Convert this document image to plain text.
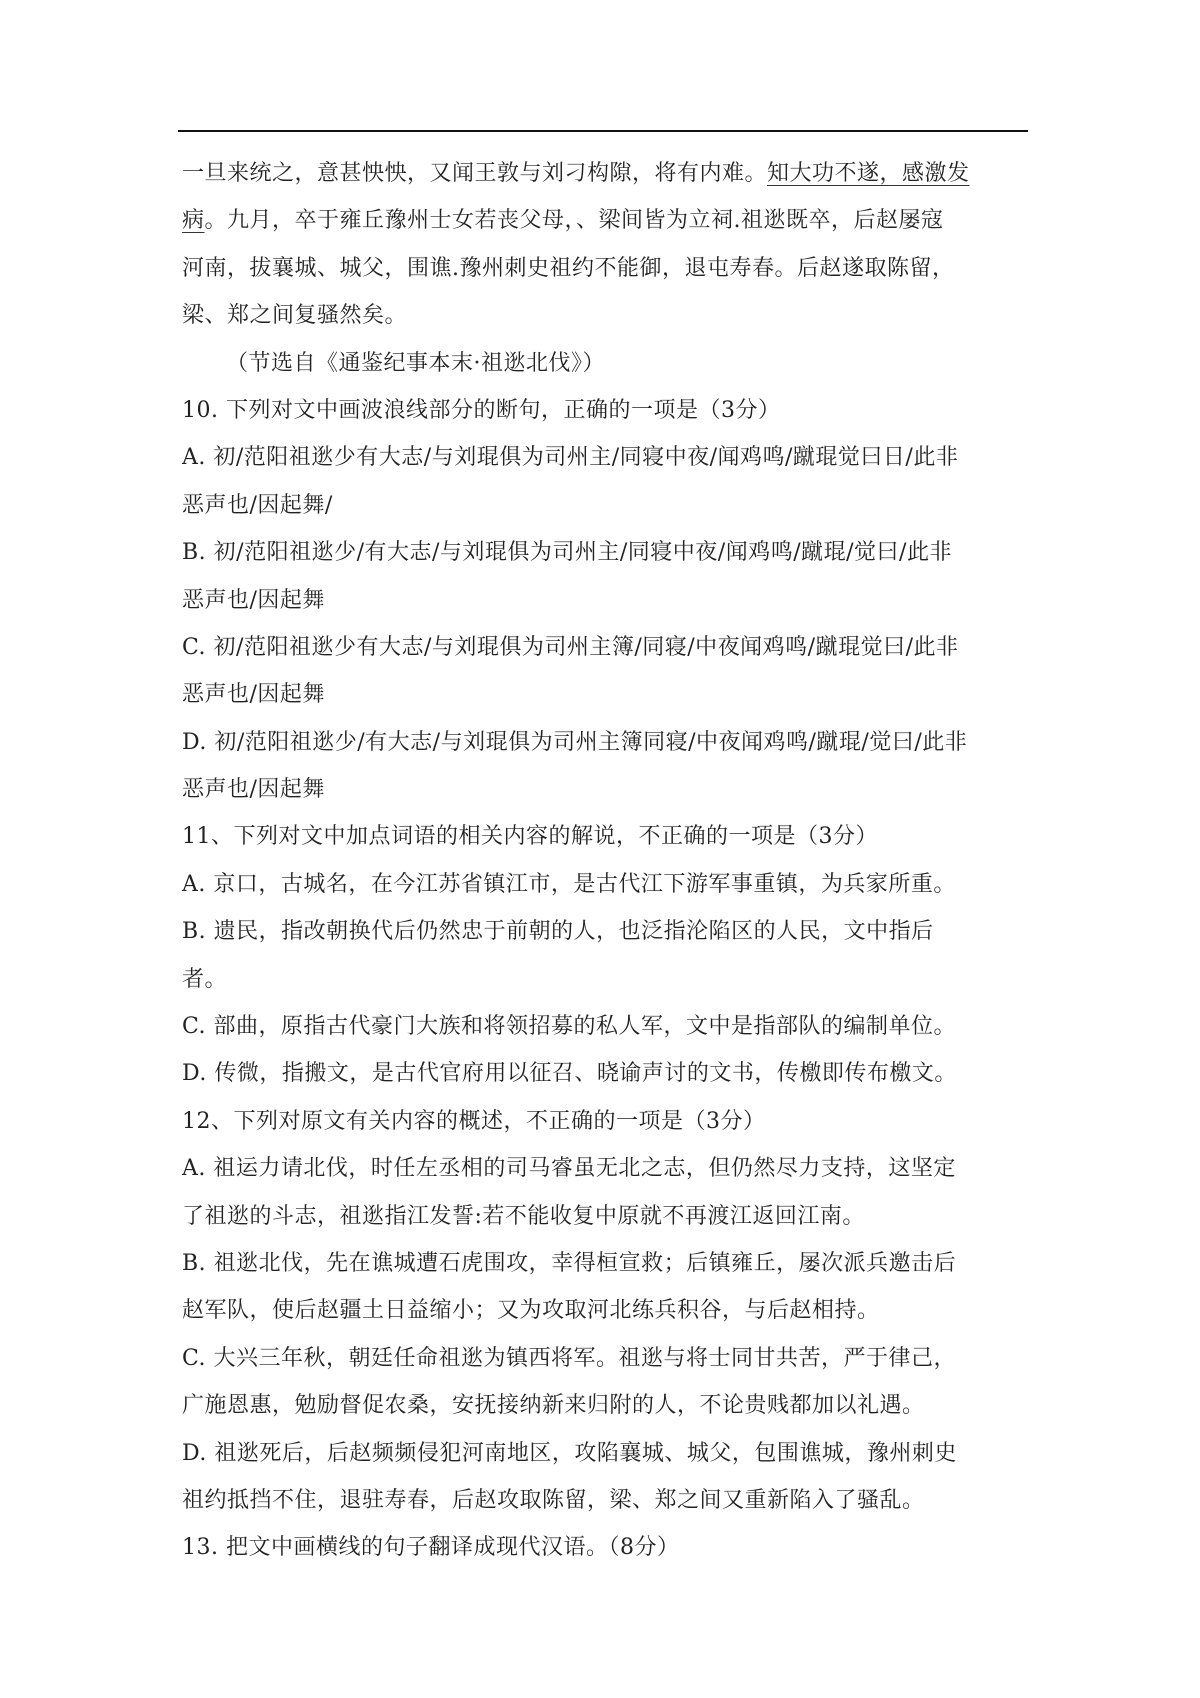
一旦来统之，意甚怏怏，又闻王敦与刘刁构隙，将有内难。知大功不遂，感激发
病。九月，卒于雍丘豫州士女若丧父母，、梁间皆为立祠.祖逖既卒，后赵屡寇
河南，拔襄城、城父，围谯.豫州刺史祖约不能御，退屯寿春。后赵遂取陈留，
梁、郑之间复骚然矣。
（节选自《通鉴纪事本末·祖逖北伐》）
10. 下列对文中画波浪线部分的断句，正确的一项是（3分）
A. 初/范阳祖逖少有大志/与刘琨俱为司州主/同寝中夜/闻鸡鸣/蹴琨觉曰日/此非
恶声也/因起舞/
B. 初/范阳祖逖少/有大志/与刘琨俱为司州主/同寝中夜/闻鸡鸣/蹴琨/觉曰/此非
恶声也/因起舞
C. 初/范阳祖逖少有大志/与刘琨俱为司州主簿/同寝/中夜闻鸡鸣/蹴琨觉曰/此非
恶声也/因起舞
D. 初/范阳祖逖少/有大志/与刘琨俱为司州主簿同寝/中夜闻鸡鸣/蹴琨/觉曰/此非
恶声也/因起舞
11、下列对文中加点词语的相关内容的解说，不正确的一项是（3分）
A. 京口，古城名，在今江苏省镇江市，是古代江下游军事重镇，为兵家所重。
B. 遗民，指改朝换代后仍然忠于前朝的人，也泛指沦陷区的人民，文中指后
者。
C. 部曲，原指古代豪门大族和将领招募的私人军，文中是指部队的编制单位。
D. 传微，指搬文，是古代官府用以征召、晓谕声讨的文书，传檄即传布檄文。
12、下列对原文有关内容的概述，不正确的一项是（3分）
A. 祖运力请北伐，时任左丞相的司马睿虽无北之志，但仍然尽力支持，这坚定
了祖逖的斗志，祖逖指江发誓:若不能收复中原就不再渡江返回江南。
B. 祖逖北伐，先在谯城遭石虎围攻，幸得桓宣救；后镇雍丘，屡次派兵邀击后
赵军队，使后赵疆土日益缩小；又为攻取河北练兵积谷，与后赵相持。
C. 大兴三年秋，朝廷任命祖逖为镇西将军。祖逖与将士同甘共苦，严于律己，
广施恩惠，勉励督促农桑，安抚接纳新来归附的人，不论贵贱都加以礼遇。
D. 祖逖死后，后赵频频侵犯河南地区，攻陷襄城、城父，包围谯城，豫州刺史
祖约抵挡不住，退驻寿春，后赵攻取陈留，梁、郑之间又重新陷入了骚乱。
13. 把文中画横线的句子翻译成现代汉语。（8分）
